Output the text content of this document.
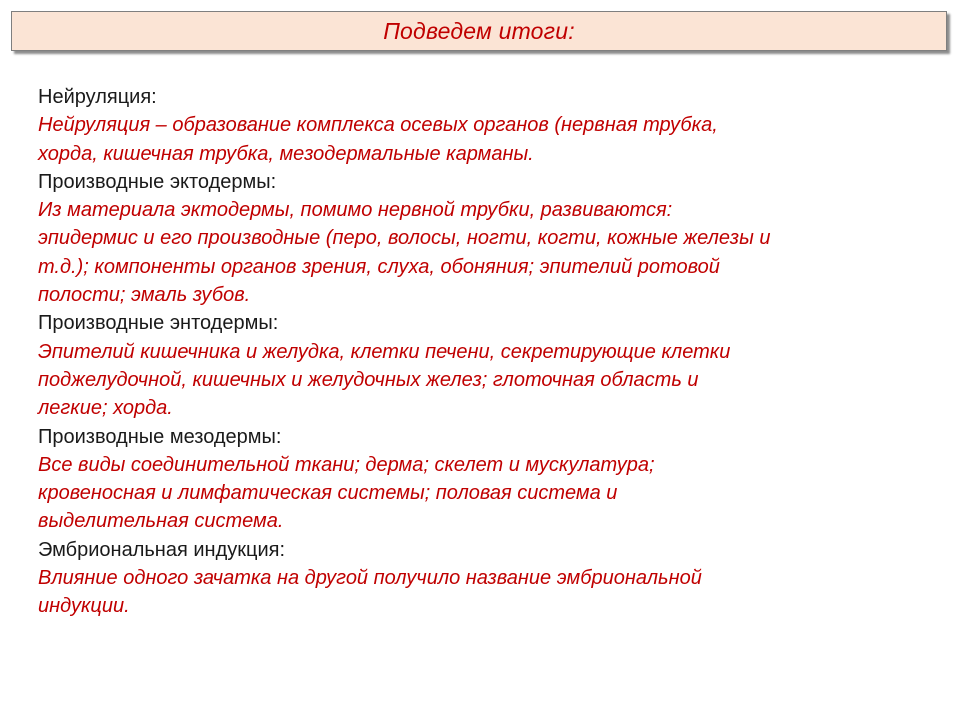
Подведем итоги:

Нейруляция:

Нейруляция – образование комплекса осевых органов (нервная трубка,

хорда, кишечная трубка, мезодермальные карманы.

Производные эктодермы:

Из материала эктодермы, помимо нервной трубки, развиваются:

эпидермис и его производные (перо, волосы, ногти, когти, кожные железы и

т.д.); компоненты органов зрения, слуха, обоняния; эпителий ротовой

полости; эмаль зубов.

Производные энтодермы:

Эпителий кишечника и желудка, клетки печени, секретирующие клетки

поджелудочной, кишечных и желудочных желез; глоточная область и

легкие; хорда.

Производные мезодермы:

Все виды соединительной ткани; дерма; скелет и мускулатура;

кровеносная и лимфатическая системы; половая система и

выделительная система.

Эмбриональная индукция:

Влияние одного зачатка на другой получило название эмбриональной

индукции.
